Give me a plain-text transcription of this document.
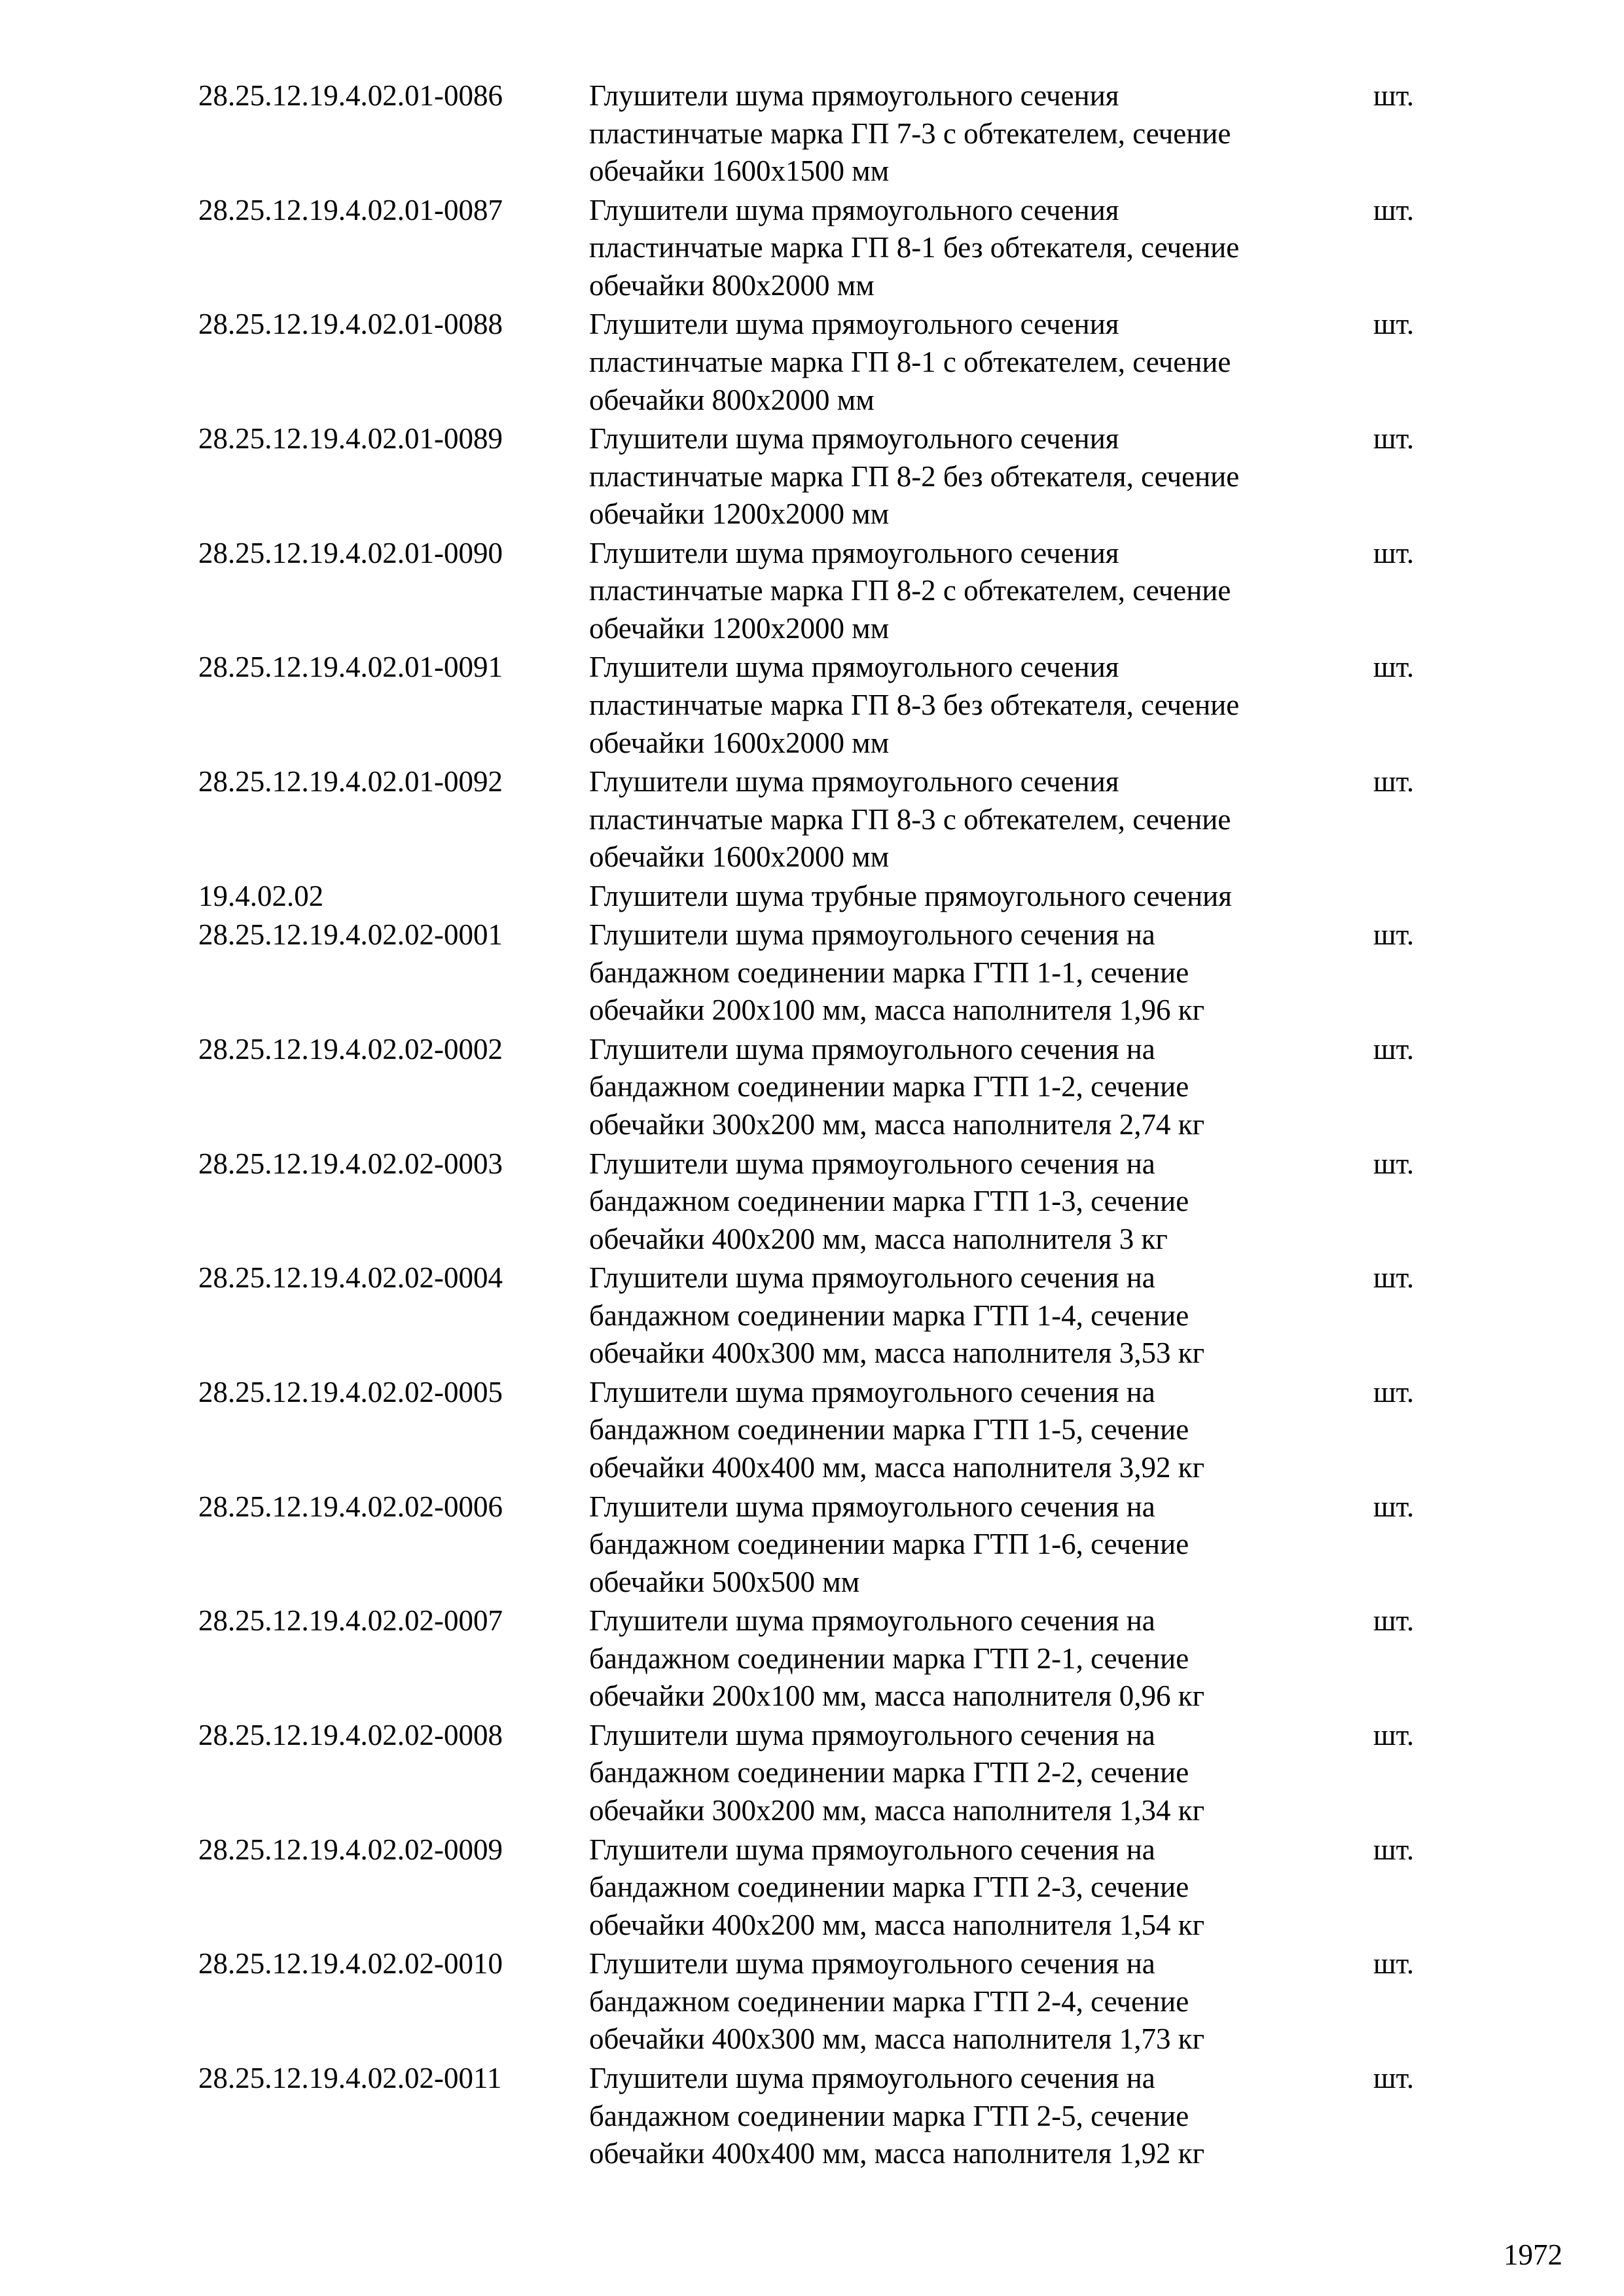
28.25.12.19.4.02.01-0086	Глушители шума прямоугольного сечения
пластинчатые марка ГП 7-3 с обтекателем, сечение
обечайки 1600x1500 мм
шт.
28.25.12.19.4.02.01-0087	Глушители шума прямоугольного сечения
пластинчатые марка ГП 8-1 без обтекателя, сечение
обечайки 800x2000 мм
шт.
28.25.12.19.4.02.01-0088	Глушители шума прямоугольного сечения
пластинчатые марка ГП 8-1 с обтекателем, сечение
обечайки 800x2000 мм
шт.
28.25.12.19.4.02.01-0089	Глушители шума прямоугольного сечения
пластинчатые марка ГП 8-2 без обтекателя, сечение
обечайки 1200x2000 мм
шт.
28.25.12.19.4.02.01-0090	Глушители шума прямоугольного сечения
пластинчатые марка ГП 8-2 с обтекателем, сечение
обечайки 1200x2000 мм
шт.
28.25.12.19.4.02.01-0091	Глушители шума прямоугольного сечения
пластинчатые марка ГП 8-3 без обтекателя, сечение
обечайки 1600x2000 мм
шт.
28.25.12.19.4.02.01-0092	Глушители шума прямоугольного сечения
пластинчатые марка ГП 8-3 с обтекателем, сечение
обечайки 1600x2000 мм
шт.
19.4.02.02	Глушители шума трубные прямоугольного сечения
28.25.12.19.4.02.02-0001	Глушители шума прямоугольного сечения на
бандажном соединении марка ГТП 1-1, сечение
обечайки 200x100 мм, масса наполнителя 1,96 кг
шт.
28.25.12.19.4.02.02-0002	Глушители шума прямоугольного сечения на
бандажном соединении марка ГТП 1-2, сечение
обечайки 300x200 мм, масса наполнителя 2,74 кг
шт.
28.25.12.19.4.02.02-0003	Глушители шума прямоугольного сечения на
бандажном соединении марка ГТП 1-3, сечение
обечайки 400x200 мм, масса наполнителя 3 кг
шт.
28.25.12.19.4.02.02-0004	Глушители шума прямоугольного сечения на
бандажном соединении марка ГТП 1-4, сечение
обечайки 400x300 мм, масса наполнителя 3,53 кг
шт.
28.25.12.19.4.02.02-0005	Глушители шума прямоугольного сечения на
бандажном соединении марка ГТП 1-5, сечение
обечайки 400x400 мм, масса наполнителя 3,92 кг
шт.
28.25.12.19.4.02.02-0006	Глушители шума прямоугольного сечения на
бандажном соединении марка ГТП 1-6, сечение
обечайки 500x500 мм
шт.
28.25.12.19.4.02.02-0007	Глушители шума прямоугольного сечения на
бандажном соединении марка ГТП 2-1, сечение
обечайки 200x100 мм, масса наполнителя 0,96 кг
шт.
28.25.12.19.4.02.02-0008	Глушители шума прямоугольного сечения на
бандажном соединении марка ГТП 2-2, сечение
обечайки 300x200 мм, масса наполнителя 1,34 кг
шт.
28.25.12.19.4.02.02-0009	Глушители шума прямоугольного сечения на
бандажном соединении марка ГТП 2-3, сечение
обечайки 400x200 мм, масса наполнителя 1,54 кг
шт.
28.25.12.19.4.02.02-0010	Глушители шума прямоугольного сечения на
бандажном соединении марка ГТП 2-4, сечение
обечайки 400x300 мм, масса наполнителя 1,73 кг
шт.
28.25.12.19.4.02.02-0011	Глушители шума прямоугольного сечения на
бандажном соединении марка ГТП 2-5, сечение
обечайки 400x400 мм, масса наполнителя 1,92 кг
шт.
1972
